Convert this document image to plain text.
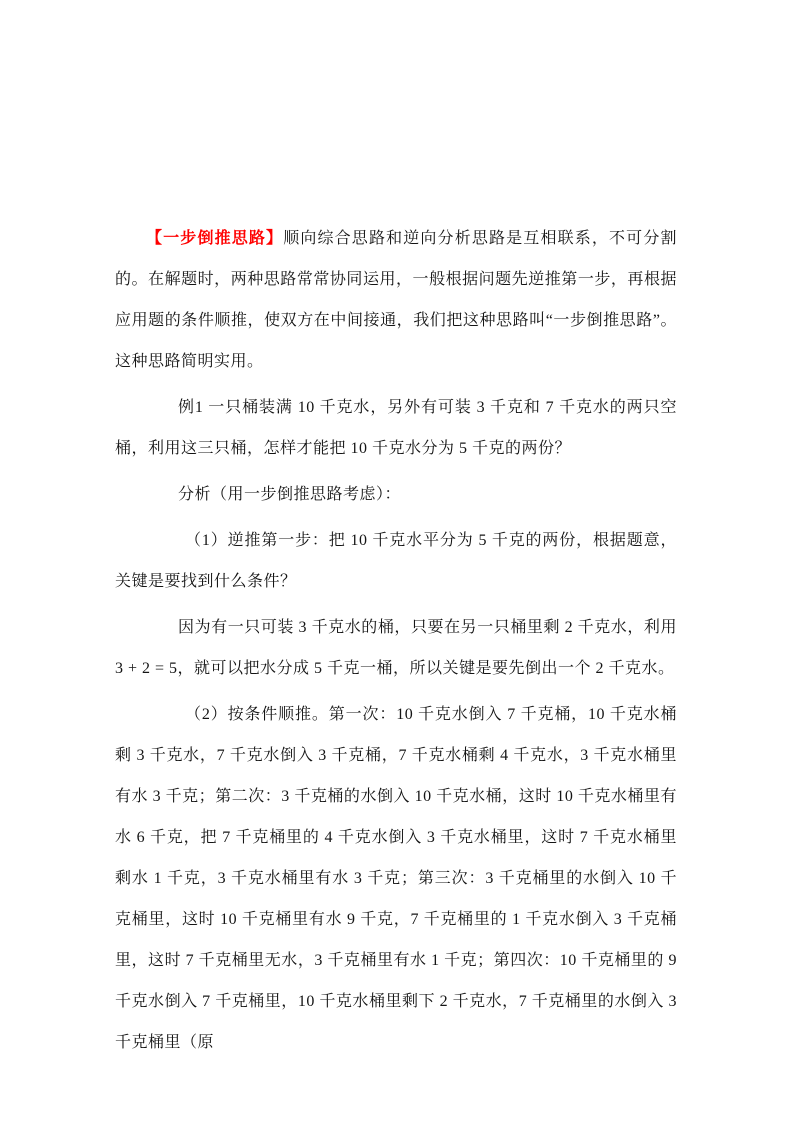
【一步倒推思路】顺向综合思路和逆向分析思路是互相联系，不可分割的。在解题时，两种思路常常协同运用，一般根据问题先逆推第一步，再根据应用题的条件顺推，使双方在中间接通，我们把这种思路叫“一步倒推思路”。这种思路简明实用。

例1 一只桶装满 10 千克水，另外有可装 3 千克和 7 千克水的两只空桶，利用这三只桶，怎样才能把 10 千克水分为 5 千克的两份？

分析（用一步倒推思路考虑）：

（1）逆推第一步：把 10 千克水平分为 5 千克的两份，根据题意，关键是要找到什么条件？

因为有一只可装 3 千克水的桶，只要在另一只桶里剩 2 千克水，利用 3 + 2 = 5，就可以把水分成 5 千克一桶，所以关键是要先倒出一个 2 千克水。

（2）按条件顺推。第一次：10 千克水倒入 7 千克桶，10 千克水桶剩 3 千克水，7 千克水倒入 3 千克桶，7 千克水桶剩 4 千克水，3 千克水桶里有水 3 千克；第二次：3 千克桶的水倒入 10 千克水桶，这时 10 千克水桶里有水 6 千克，把 7 千克桶里的 4 千克水倒入 3 千克水桶里，这时 7 千克水桶里剩水 1 千克，3 千克水桶里有水 3 千克；第三次：3 千克桶里的水倒入 10 千克桶里，这时 10 千克桶里有水 9 千克，7 千克桶里的 1 千克水倒入 3 千克桶里，这时 7 千克桶里无水，3 千克桶里有水 1 千克；第四次：10 千克桶里的 9 千克水倒入 7 千克桶里，10 千克水桶里剩下 2 千克水，7 千克桶里的水倒入 3 千克桶里（原
